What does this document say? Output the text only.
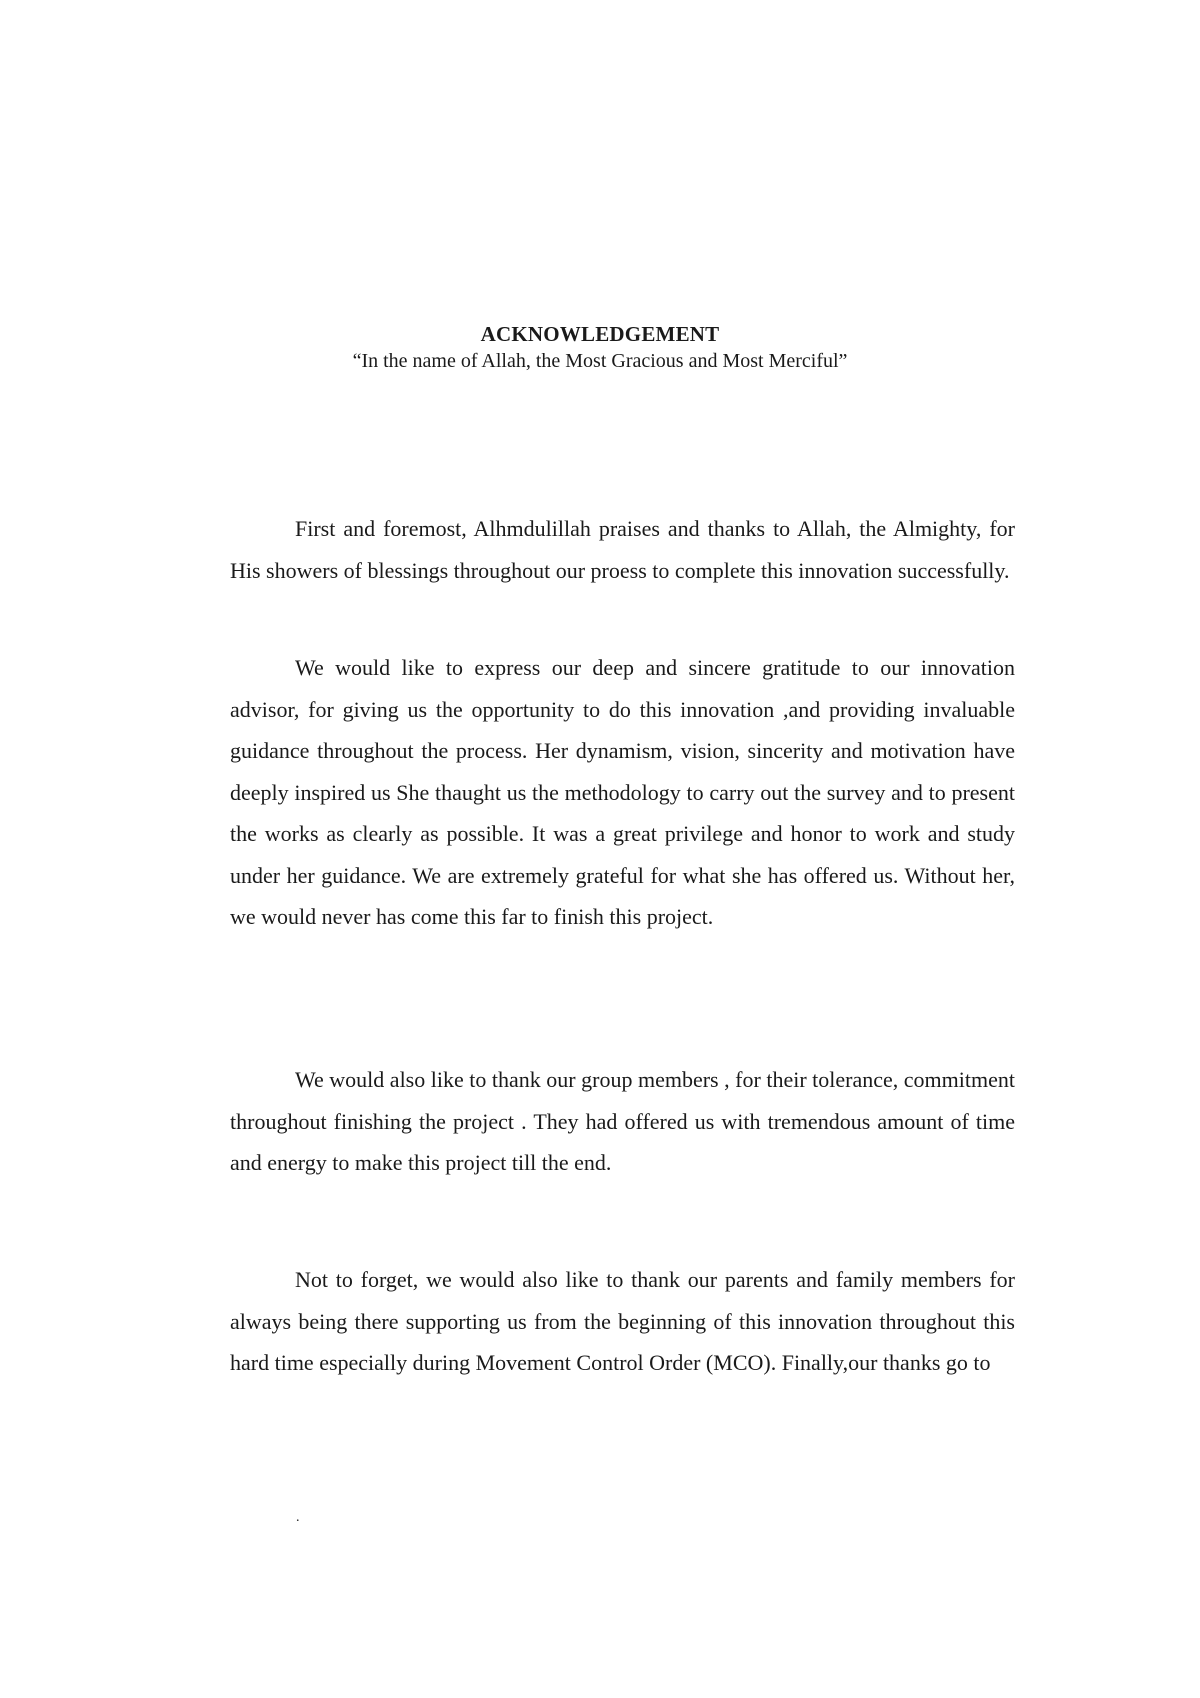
ACKNOWLEDGEMENT
“In the name of Allah, the Most Gracious and Most Merciful”

First and foremost, Alhmdulillah praises and thanks to Allah, the Almighty, for His showers of blessings throughout our proess to complete this innovation successfully.

We would like to express our deep and sincere gratitude to our innovation advisor, for giving us the opportunity to do this innovation ,and providing invaluable guidance throughout the process. Her dynamism, vision, sincerity and motivation have deeply inspired us She thaught us the methodology to carry out the survey and to present the works as clearly as possible. It was a great privilege and honor to work and study under her guidance. We are extremely grateful for what she has offered us. Without her, we would never has come this far to finish this project.

We would also like to thank our group members , for their tolerance, commitment throughout finishing the project . They had offered us with tremendous amount of time and energy to make this project till the end.

Not to forget, we would also like to thank our parents and family members for always being there supporting us from the beginning of this innovation throughout this hard time especially during Movement Control Order (MCO). Finally,our thanks go to

.
